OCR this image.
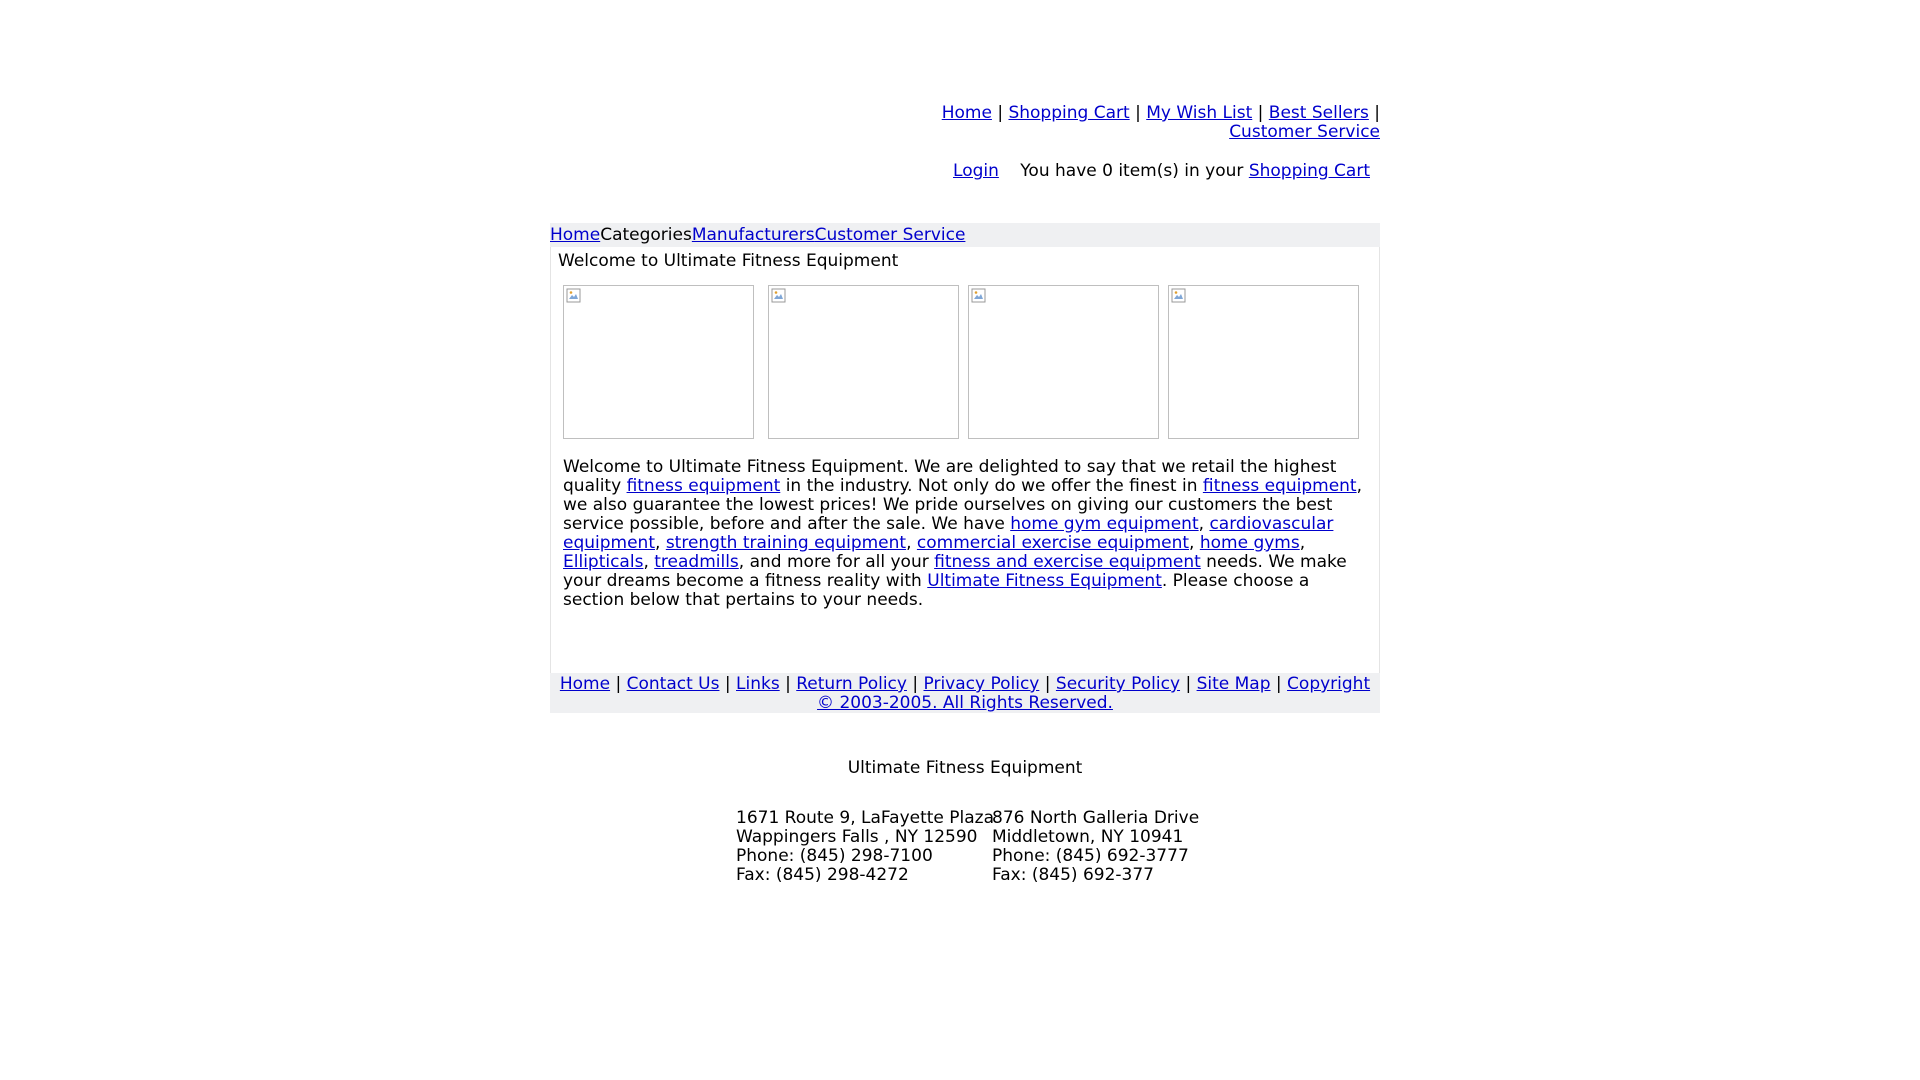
Home | Shopping Cart | My Wish List | Best Sellers | Customer Service
Login You have 0 item(s) in your Shopping Cart
HomeCategoriesManufacturersCustomer Service
Welcome to Ultimate Fitness Equipment
Welcome to Ultimate Fitness Equipment. We are delighted to say that we retail the highest quality fitness equipment in the industry. Not only do we offer the finest in fitness equipment, we also guarantee the lowest prices! We pride ourselves on giving our customers the best service possible, before and after the sale. We have home gym equipment, cardiovascular equipment, strength training equipment, commercial exercise equipment, home gyms, Ellipticals, treadmills, and more for all your fitness and exercise equipment needs. We make your dreams become a fitness reality with Ultimate Fitness Equipment. Please choose a section below that pertains to your needs.
Home | Contact Us | Links | Return Policy | Privacy Policy | Security Policy | Site Map | Copyright © 2003-2005. All Rights Reserved.
Ultimate Fitness Equipment
1671 Route 9, LaFayette Plaza
Wappingers Falls , NY 12590
Phone: (845) 298-7100
Fax: (845) 298-4272
876 North Galleria Drive
Middletown, NY 10941
Phone: (845) 692-3777
Fax: (845) 692-377
